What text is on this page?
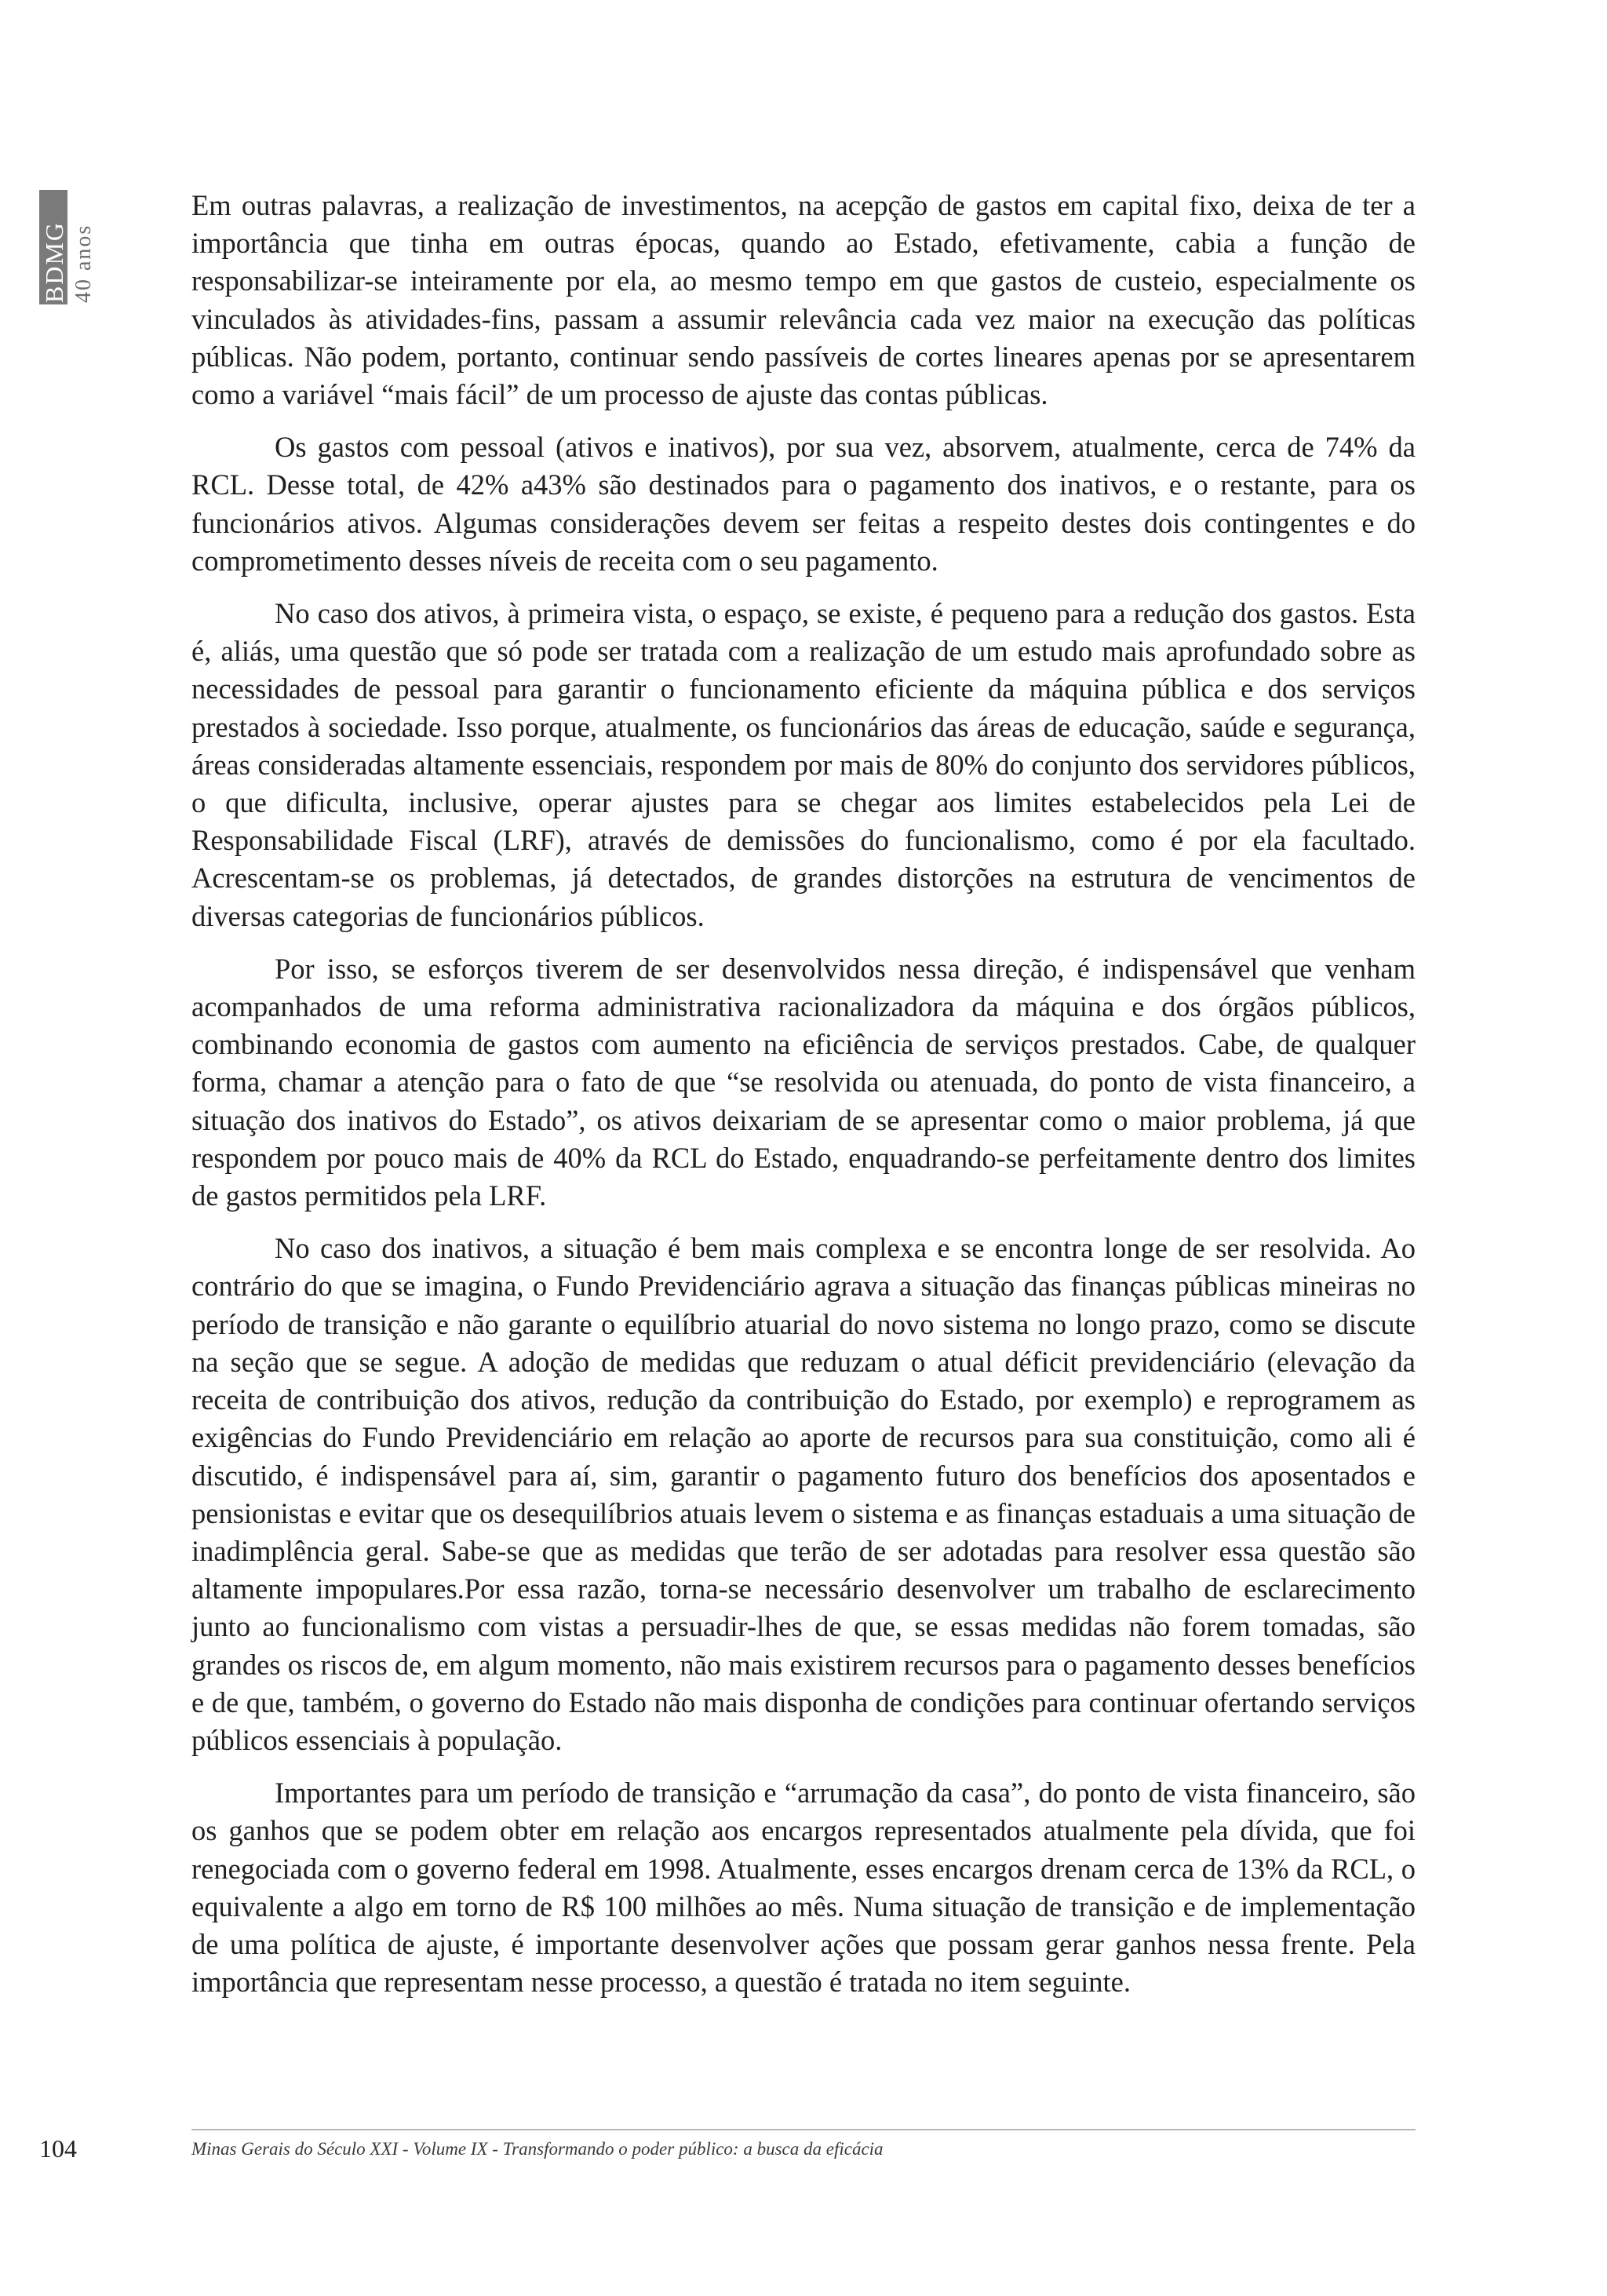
BDMG 40 anos

Em outras palavras, a realização de investimentos, na acepção de gastos em capital fixo, deixa de ter a importância que tinha em outras épocas, quando ao Estado, efetivamente, cabia a função de responsabilizar-se inteiramente por ela, ao mesmo tempo em que gastos de custeio, especialmente os vinculados às atividades-fins, passam a assumir relevância cada vez maior na execução das políticas públicas. Não podem, portanto, continuar sendo passíveis de cortes lineares apenas por se apresentarem como a variável “mais fácil” de um processo de ajuste das contas públicas.

Os gastos com pessoal (ativos e inativos), por sua vez, absorvem, atualmente, cerca de 74% da RCL. Desse total, de 42% a43% são destinados para o pagamento dos inativos, e o restante, para os funcionários ativos. Algumas considerações devem ser feitas a respeito destes dois contingentes e do comprometimento desses níveis de receita com o seu pagamento.

No caso dos ativos, à primeira vista, o espaço, se existe, é pequeno para a redução dos gastos. Esta é, aliás, uma questão que só pode ser tratada com a realização de um estudo mais aprofundado sobre as necessidades de pessoal para garantir o funcionamento eficiente da máquina pública e dos serviços prestados à sociedade. Isso porque, atualmente, os funcionários das áreas de educação, saúde e segurança, áreas consideradas altamente essenciais, respondem por mais de 80% do conjunto dos servidores públicos, o que dificulta, inclusive, operar ajustes para se chegar aos limites estabelecidos pela Lei de Responsabilidade Fiscal (LRF), através de demissões do funcionalismo, como é por ela facultado. Acrescentam-se os problemas, já detectados, de grandes distorções na estrutura de vencimentos de diversas categorias de funcionários públicos.

Por isso, se esforços tiverem de ser desenvolvidos nessa direção, é indispensável que venham acompanhados de uma reforma administrativa racionalizadora da máquina e dos órgãos públicos, combinando economia de gastos com aumento na eficiência de serviços prestados. Cabe, de qualquer forma, chamar a atenção para o fato de que “se resolvida ou atenuada, do ponto de vista financeiro, a situação dos inativos do Estado”, os ativos deixariam de se apresentar como o maior problema, já que respondem por pouco mais de 40% da RCL do Estado, enquadrando-se perfeitamente dentro dos limites de gastos permitidos pela LRF.

No caso dos inativos, a situação é bem mais complexa e se encontra longe de ser resolvida. Ao contrário do que se imagina, o Fundo Previdenciário agrava a situação das finanças públicas mineiras no período de transição e não garante o equilíbrio atuarial do novo sistema no longo prazo, como se discute na seção que se segue. A adoção de medidas que reduzam o atual déficit previdenciário (elevação da receita de contribuição dos ativos, redução da contribuição do Estado, por exemplo) e reprogramem as exigências do Fundo Previdenciário em relação ao aporte de recursos para sua constituição, como ali é discutido, é indispensável para aí, sim, garantir o pagamento futuro dos benefícios dos aposentados e pensionistas e evitar que os desequilíbrios atuais levem o sistema e as finanças estaduais a uma situação de inadimplência geral. Sabe-se que as medidas que terão de ser adotadas para resolver essa questão são altamente impopulares.Por essa razão, torna-se necessário desenvolver um trabalho de esclarecimento junto ao funcionalismo com vistas a persuadir-lhes de que, se essas medidas não forem tomadas, são grandes os riscos de, em algum momento, não mais existirem recursos para o pagamento desses benefícios e de que, também, o governo do Estado não mais disponha de condições para continuar ofertando serviços públicos essenciais à população.

Importantes para um período de transição e “arrumação da casa”, do ponto de vista financeiro, são os ganhos que se podem obter em relação aos encargos representados atualmente pela dívida, que foi renegociada com o governo federal em 1998. Atualmente, esses encargos drenam cerca de 13% da RCL, o equivalente a algo em torno de R$ 100 milhões ao mês. Numa situação de transição e de implementação de uma política de ajuste, é importante desenvolver ações que possam gerar ganhos nessa frente. Pela importância que representam nesse processo, a questão é tratada no item seguinte.

104	Minas Gerais do Século XXI - Volume IX - Transformando o poder público: a busca da eficácia
